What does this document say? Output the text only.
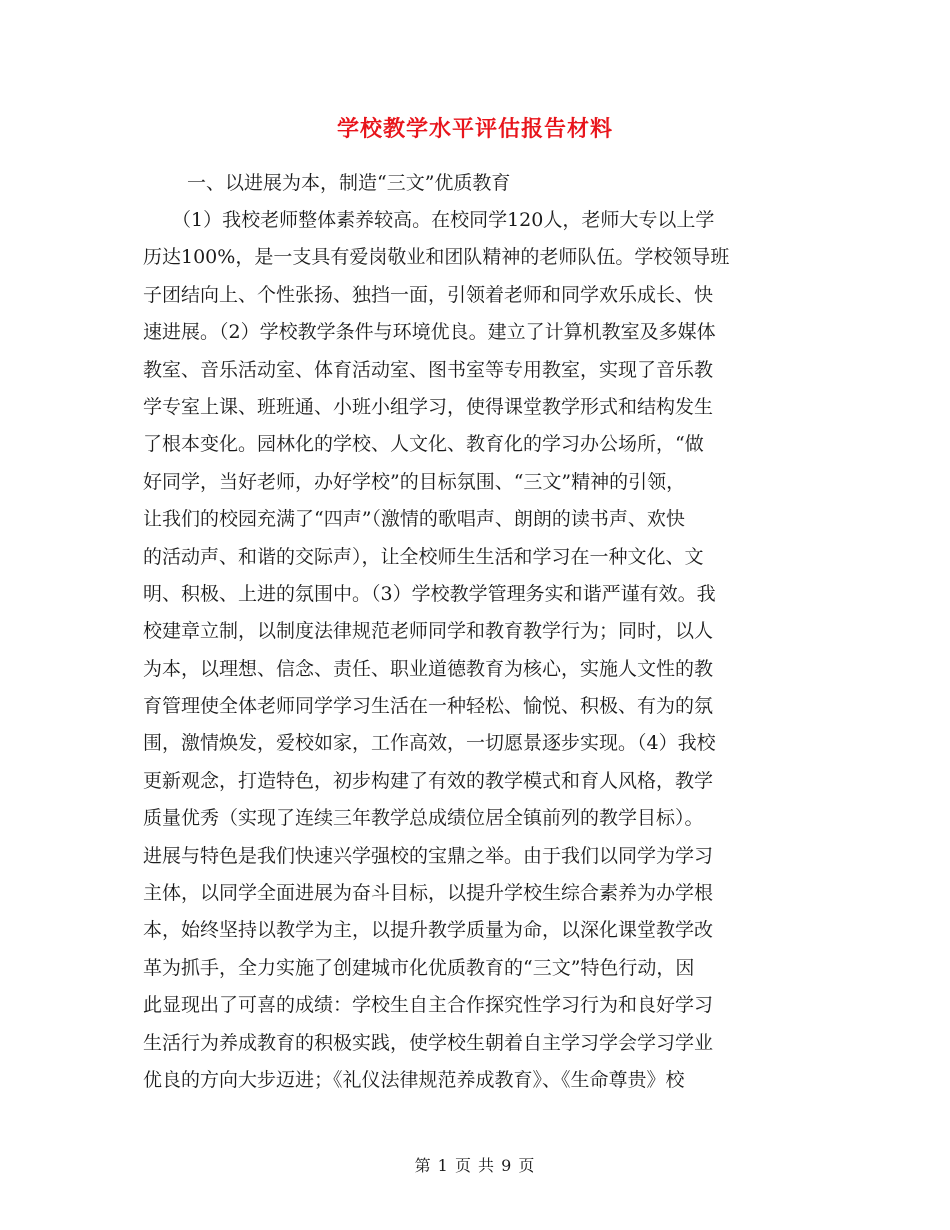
学校教学水平评估报告材料
一、以进展为本，制造“三文”优质教育
（1）我校老师整体素养较高。在校同学120人，老师大专以上学
历达100%，是一支具有爱岗敬业和团队精神的老师队伍。学校领导班
子团结向上、个性张扬、独挡一面，引领着老师和同学欢乐成长、快
速进展。（2）学校教学条件与环境优良。建立了计算机教室及多媒体
教室、音乐活动室、体育活动室、图书室等专用教室，实现了音乐教
学专室上课、班班通、小班小组学习，使得课堂教学形式和结构发生
了根本变化。园林化的学校、人文化、教育化的学习办公场所，“做
好同学，当好老师，办好学校”的目标氛围、“三文”精神的引领，
让我们的校园充满了“四声”（激情的歌唱声、朗朗的读书声、欢快
的活动声、和谐的交际声），让全校师生生活和学习在一种文化、文
明、积极、上进的氛围中。（3）学校教学管理务实和谐严谨有效。我
校建章立制，以制度法律规范老师同学和教育教学行为；同时，以人
为本，以理想、信念、责任、职业道德教育为核心，实施人文性的教
育管理使全体老师同学学习生活在一种轻松、愉悦、积极、有为的氛
围，激情焕发，爱校如家，工作高效，一切愿景逐步实现。（4）我校
更新观念，打造特色，初步构建了有效的教学模式和育人风格，教学
质量优秀（实现了连续三年教学总成绩位居全镇前列的教学目标）。
进展与特色是我们快速兴学强校的宝鼎之举。由于我们以同学为学习
主体，以同学全面进展为奋斗目标，以提升学校生综合素养为办学根
本，始终坚持以教学为主，以提升教学质量为命，以深化课堂教学改
革为抓手，全力实施了创建城市化优质教育的“三文”特色行动，因
此显现出了可喜的成绩：学校生自主合作探究性学习行为和良好学习
生活行为养成教育的积极实践，使学校生朝着自主学习学会学习学业
优良的方向大步迈进；《礼仪法律规范养成教育》、《生命尊贵》校
第 1 页 共 9 页
